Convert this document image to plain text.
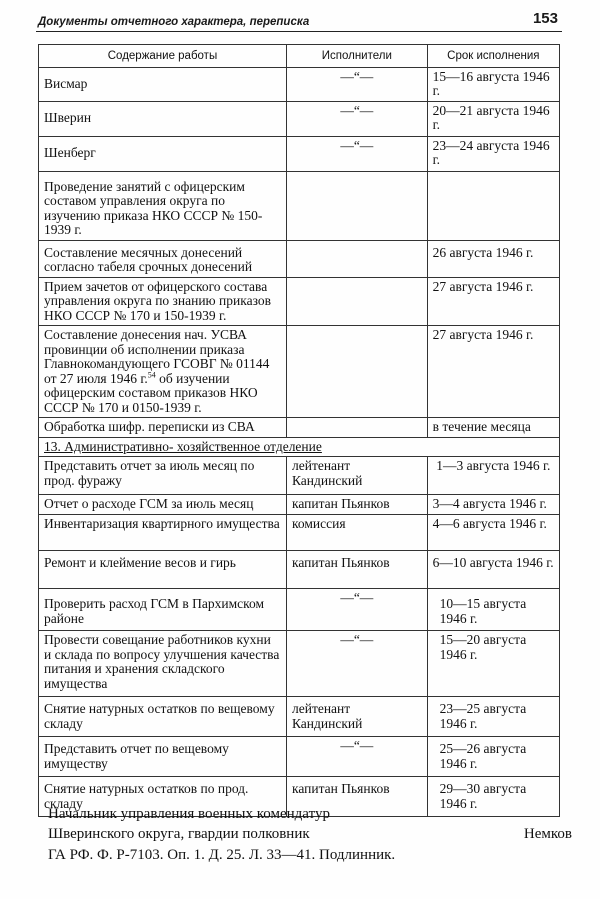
Документы отчетного характера, переписка	153
Содержание работы	Исполнители	Срок исполнения
Висмар	—“—	15—16 августа 1946 г.
Шверин	—“—	20—21 августа 1946 г.
Шенберг	—“—	23—24 августа 1946 г.
Проведение занятий с офицерским составом управления округа по изучению приказа НКО СССР № 150-1939 г.		
Составление месячных донесений согласно табеля срочных донесений		26 августа 1946 г.
Прием зачетов от офицерского состава управления округа по знанию приказов НКО СССР № 170 и 150-1939 г.		27 августа 1946 г.
Составление донесения нач. УСВА провинции об исполнении приказа Главнокомандующего ГСОВГ № 01144 от 27 июля 1946 г.$^{54}$ об изучении офицерским составом приказов НКО СССР № 170 и 0150-1939 г.		27 августа 1946 г.
Обработка шифр. переписки из СВА		в течение месяца
13. Административно- хозяйственное отделение		
Представить отчет за июль месяц по прод. фуражу	лейтенант Кандинский	1—3 августа 1946 г.
Отчет о расходе ГСМ за июль месяц	капитан Пьянков	3—4 августа 1946 г.
Инвентаризация квартирного имущества	комиссия	4—6 августа 1946 г.
Ремонт и клеймение весов и гирь	капитан Пьянков	6—10 августа 1946 г.
Проверить расход ГСМ в Пархимском районе	—“—	10—15 августа 1946 г.
Провести совещание работников кухни и склада по вопросу улучшения качества питания и хранения складского имущества	—“—	15—20 августа 1946 г.
Снятие натурных остатков по вещевому складу	лейтенант Кандинский	23—25 августа 1946 г.
Представить отчет по вещевому имуществу	—“—	25—26 августа 1946 г.
Снятие натурных остатков по прод. складу	капитан Пьянков	29—30 августа 1946 г.
Начальник управления военных комендатур
Шверинского округа, гвардии полковник	Немков
ГА РФ. Ф. Р-7103. Оп. 1. Д. 25. Л. 33—41. Подлинник.
